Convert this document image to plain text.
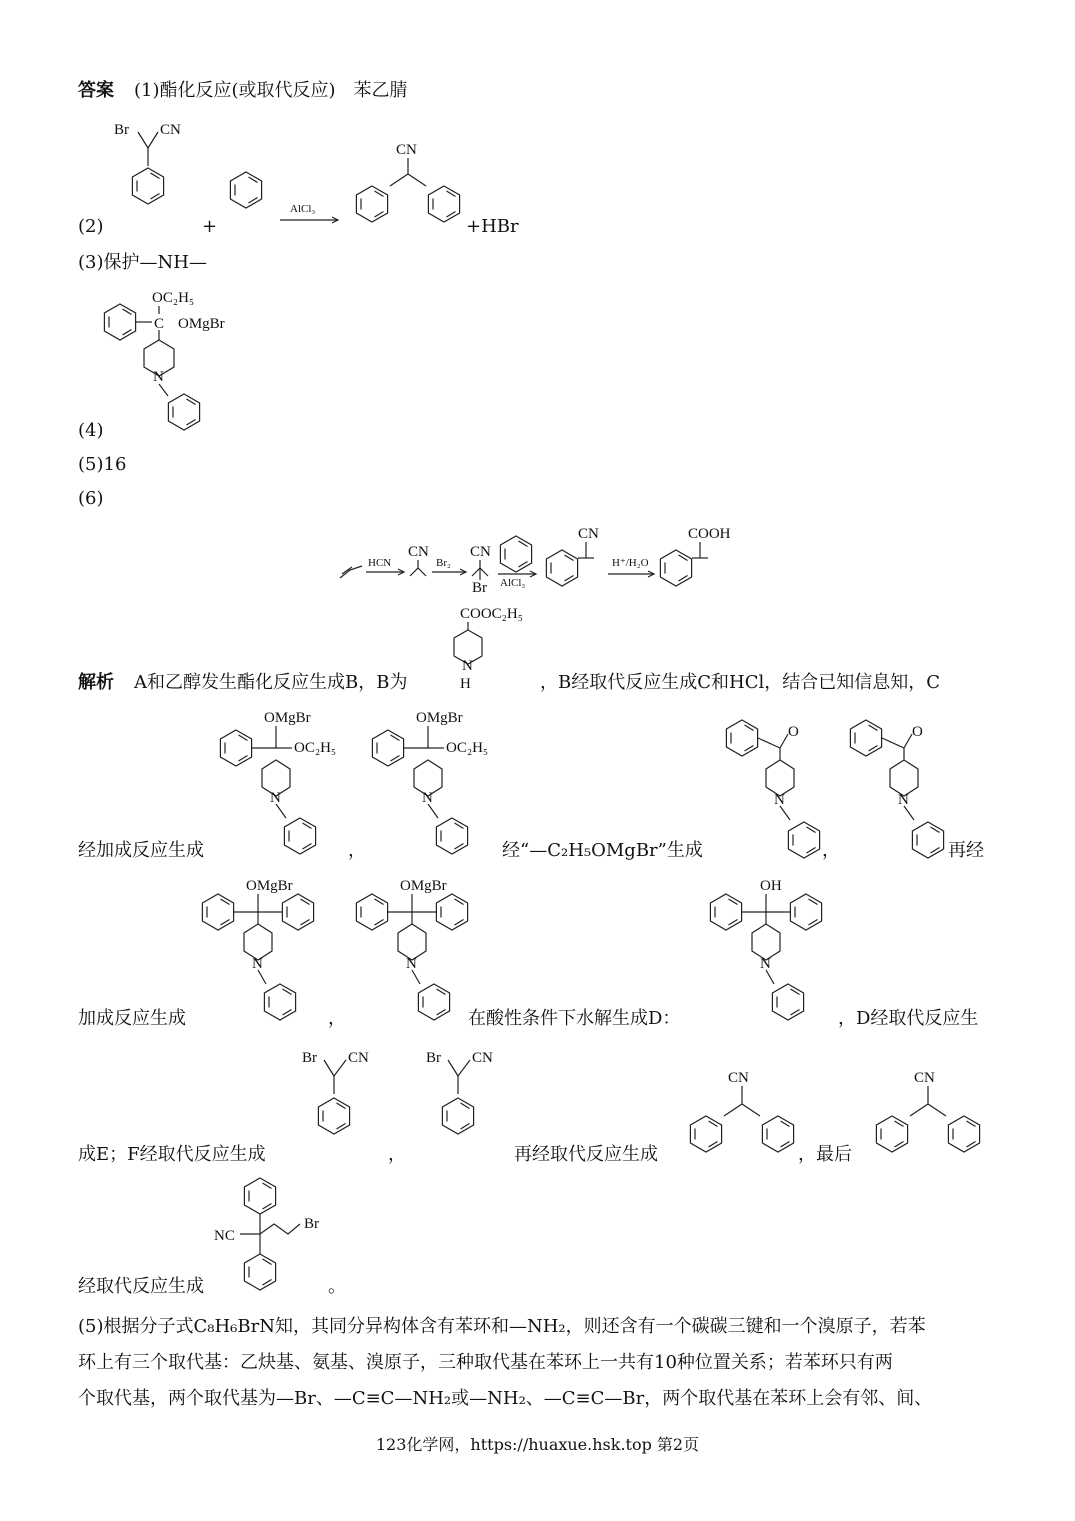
答案 (1)酯化反应(或取代反应)　苯乙腈
(2)	+	+HBr
(3)保护—NH—
(4)
(5)16
(6)
解析 A和乙醇发生酯化反应生成B，B为	，B经取代反应生成C和HCl，结合已知信息知，C
经加成反应生成	，	经“—C₂H₅OMgBr”生成	，	再经
加成反应生成	，	在酸性条件下水解生成D：	，D经取代反应生
成E；F经取代反应生成	，	再经取代反应生成	，最后
经取代反应生成	。
(5)根据分子式C₈H₆BrN知，其同分异构体含有苯环和—NH₂，则还含有一个碳碳三键和一个溴原子，若苯
环上有三个取代基：乙炔基、氨基、溴原子，三种取代基在苯环上一共有10种位置关系；若苯环只有两
个取代基，两个取代基为—Br、—C≡C—NH₂或—NH₂、—C≡C—Br，两个取代基在苯环上会有邻、间、
123化学网，https://huaxue.hsk.top 第2页
Br CN
AlCl₃
CN
OC₂H₅
C OMgBr
N
HCN
CN
Br₂
CN
Br AlCl₃
CN
H⁺/H₂O
COOH
COOC₂H₅
N
H
OMgBr
OC₂H₅
N
OMgBr
OC₂H₅
N
O
N
O
N
OMgBr
N
OMgBr
N
OH
N
Br CN	Br CN
CN	CN
NC
Br
